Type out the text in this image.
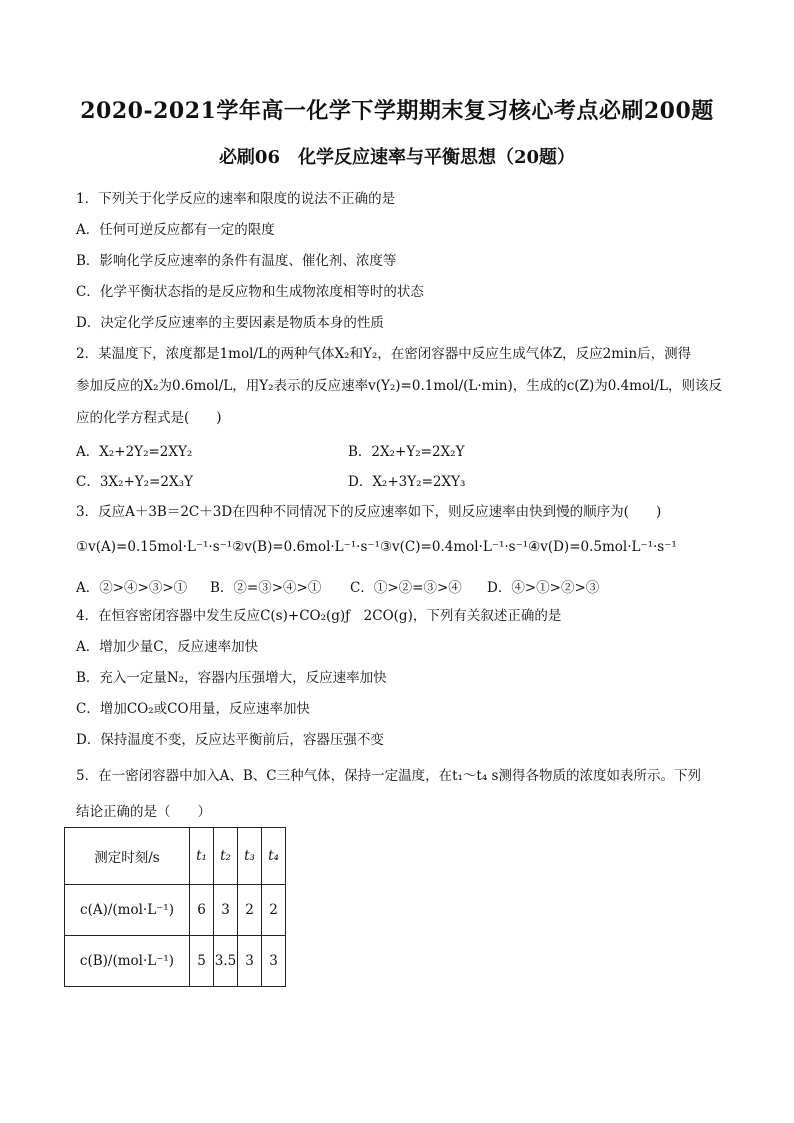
2020-2021学年高一化学下学期期末复习核心考点必刷200题
必刷06　化学反应速率与平衡思想（20题）
1．下列关于化学反应的速率和限度的说法不正确的是
A．任何可逆反应都有一定的限度
B．影响化学反应速率的条件有温度、催化剂、浓度等
C．化学平衡状态指的是反应物和生成物浓度相等时的状态
D．决定化学反应速率的主要因素是物质本身的性质
2．某温度下，浓度都是1mol/L的两种气体X₂和Y₂，在密闭容器中反应生成气体Z，反应2min后，测得
参加反应的X₂为0.6mol/L，用Y₂表示的反应速率v(Y₂)=0.1mol/(L·min)，生成的c(Z)为0.4mol/L，则该反
应的化学方程式是(　　)
A．X₂+2Y₂=2XY₂	B．2X₂+Y₂=2X₂Y
C．3X₂+Y₂=2X₃Y	D．X₂+3Y₂=2XY₃
3．反应A＋3B＝2C＋3D在四种不同情况下的反应速率如下，则反应速率由快到慢的顺序为(　　)
①v(A)=0.15mol·L⁻¹·s⁻¹②v(B)=0.6mol·L⁻¹·s⁻¹③v(C)=0.4mol·L⁻¹·s⁻¹④v(D)=0.5mol·L⁻¹·s⁻¹
A．②>④>③>① B．②=③>④>① C．①>②=③>④ D．④>①>②>③
4．在恒容密闭容器中发生反应C(s)+CO₂(g)ƒ　2CO(g)，下列有关叙述正确的是
A．增加少量C，反应速率加快
B．充入一定量N₂，容器内压强增大，反应速率加快
C．增加CO₂或CO用量，反应速率加快
D．保持温度不变，反应达平衡前后，容器压强不变
5．在一密闭容器中加入A、B、C三种气体，保持一定温度，在t₁～t₄ s测得各物质的浓度如表所示。下列
结论正确的是（　　）
测定时刻/s	t₁	t₂	t₃	t₄
c(A)/(mol·L⁻¹)	6	3	2	2
c(B)/(mol·L⁻¹)	5	3.5	3	3
